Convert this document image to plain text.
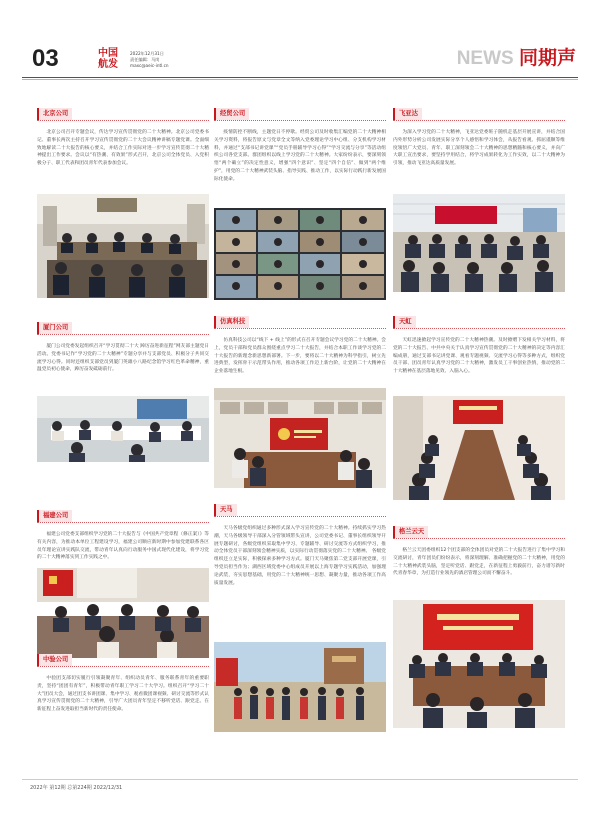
03	中国
航发
2022年12月31日
责任编辑：马岗
maxc@aeic-intl.cn	NEWS 同期声
北京公司
北京公司召开专题会议，传达学习宣传贯彻党的二十大精神。北京公司党委书记、董事长两次主持召开学习宣传贯彻党的二十大会议精神讲稿专题党课。全面细致地解读二十大报告的核心要义，并结合工作实际对进一步学习宣传贯彻二十大精神提出工作要求。会议以“有热潮、有效果”形式召开，北京公司全体党员、入党积极分子、职工代表和团员青年代表参加会议。
厦门公司
厦门公司党委发起组织召开“学习贯彻二十大 踔厉奋进新征程”网友部主题党日活动。党委书记作“学习党的二十大精神”专题分享并与支部党员、积极分子共同交流学习心得。同时还组织支部党员到厦门英雄小八路纪念馆学习红色革命精神，重温党员初心使命，踔厉奋发砥砺前行。
福建公司
福建公司党委支部组织学习党的二十大报告与《中国共产党章程（修正案）》等有关内容，为推动本单位工程建设学习，福建公司顺应新时期中参加党建联系各区员年理论宣讲实践队交流，带动青年认真向行动服务中国式现代化建设，将学习党的二十大精神落实到工作实践之中。
中验公司
中验团支部切实履行引领凝聚青年、组织动员青年、服务联系青年的重要职责，坚持“团团有青年”，积极带动青年职工学习二十大学习。组织召开“学习二十大”团员大会，通过团支书讲团课、集中学习、观看微团课视频、研讨交流等形式认真学习宣传贯彻党的二十大精神，引导广大团员青年坚定不移听党话、跟党走。在新征程上奋发进取担当新时代的责任使命。
经贸公司
疫情防控不断线，主题党日不停歇。经贸公司及时收集汇编党的二十大精神相关学习资料，将报告原文与党章全文等纳入党委理论学习中心组、分支机构学习材料，并通过“支部书记讲党课”“党员手册辅导学习心得”“学习交流与分享”等活动组织公司各党支部。群团组织以线上学习党的二十大精神。大家纷纷表示，要深刻领悟“两个确立”的决定性意义，增强“四个意识”、坚定“四个自信”、做到“两个维护”，用党的二十大精神武装头脑、指导实践、推动工作，以实际行动践行新发展国际化使命。
仿真科技
仿真科技公司以“线下 + 线上”的形式在召开专题会议学习党的二十大精神。会上，党员干部和党员群众围绕重点学习二十大报告，并结合本职工作谈学习党的二十大报告的新理念新思想新部署。下一步，要将以二十大精神为科学指引，树立先进典型，发挥骨干示范带头作用，推动各项工作迈上新台阶，让党的二十大精神在企业落地生根。
天马
天马各级党组织通过多种形式深入学习宣传党的二十大精神。持续抓实学习热潮，天马各级领导干部深入分管领域带头宣讲，公司党委书记、董事长组织领导开展专题研讨，各级党组织采取集中学习、专题辅导、研讨交流等方式组织学习，推动全体党员干部深刻领会精神实质，以实际行动贯彻落实党的二十大精神。 各级党组织还立足实际，积极探索多种学习方式。厦门天马聚焦第二党支部开展党课，引导党员担当作为；湖西区域党委中心组成员开展以上海专题学习实践活动，加强理论武装，夯实思想基础，用党的二十大精神统一思想、凝聚力量，推动各项工作高质量发展。
飞亚达
为深入学习党的二十大精神，飞亚达党委班子随机走基层开展宣讲，并结合国内外形势分析公司发展实际分享个人感悟和学习体会，从报告看观、抓屈谨顺等维度领悟广大党员、青年、职工深刻领会二十大精神的思想精髓和核心要义，并向广大职工宣出要求，要坚持学用结合，将学习成果转化为工作实效，以二十大精神为引领，推动飞亚达高质量发展。
天虹
天虹迅速掀起学习宣传党的二十大精神热潮。及时掀赠下发相关学习材料，将党的二十大报告、中共中央关于认真学习宣传贯彻党的二十大精神的决定等内容汇编成册，通过支部书记讲党课、观看专题视频、交流学习心得等多种方式，组织党员干部、团员青年认真学习党的二十大精神，激发员工干事创业热情，推动党的二十大精神在基层落地见效、入脑入心。
格兰云天
格兰云天团委组织12个团支部的全体团员对党的二十大报告进行了集中学习和交流研讨，青年团员们纷纷表示，将深刻理解、准确把握党的二十大精神，用党的二十大精神武装头脑，坚定听党话、跟党走，在新征程上勇毅前行，奋力谱写新时代青春华章，为打造行业领先的酒店管理公司而不懈奋斗。
2022年 第12期 总第224期 2022/12/31
